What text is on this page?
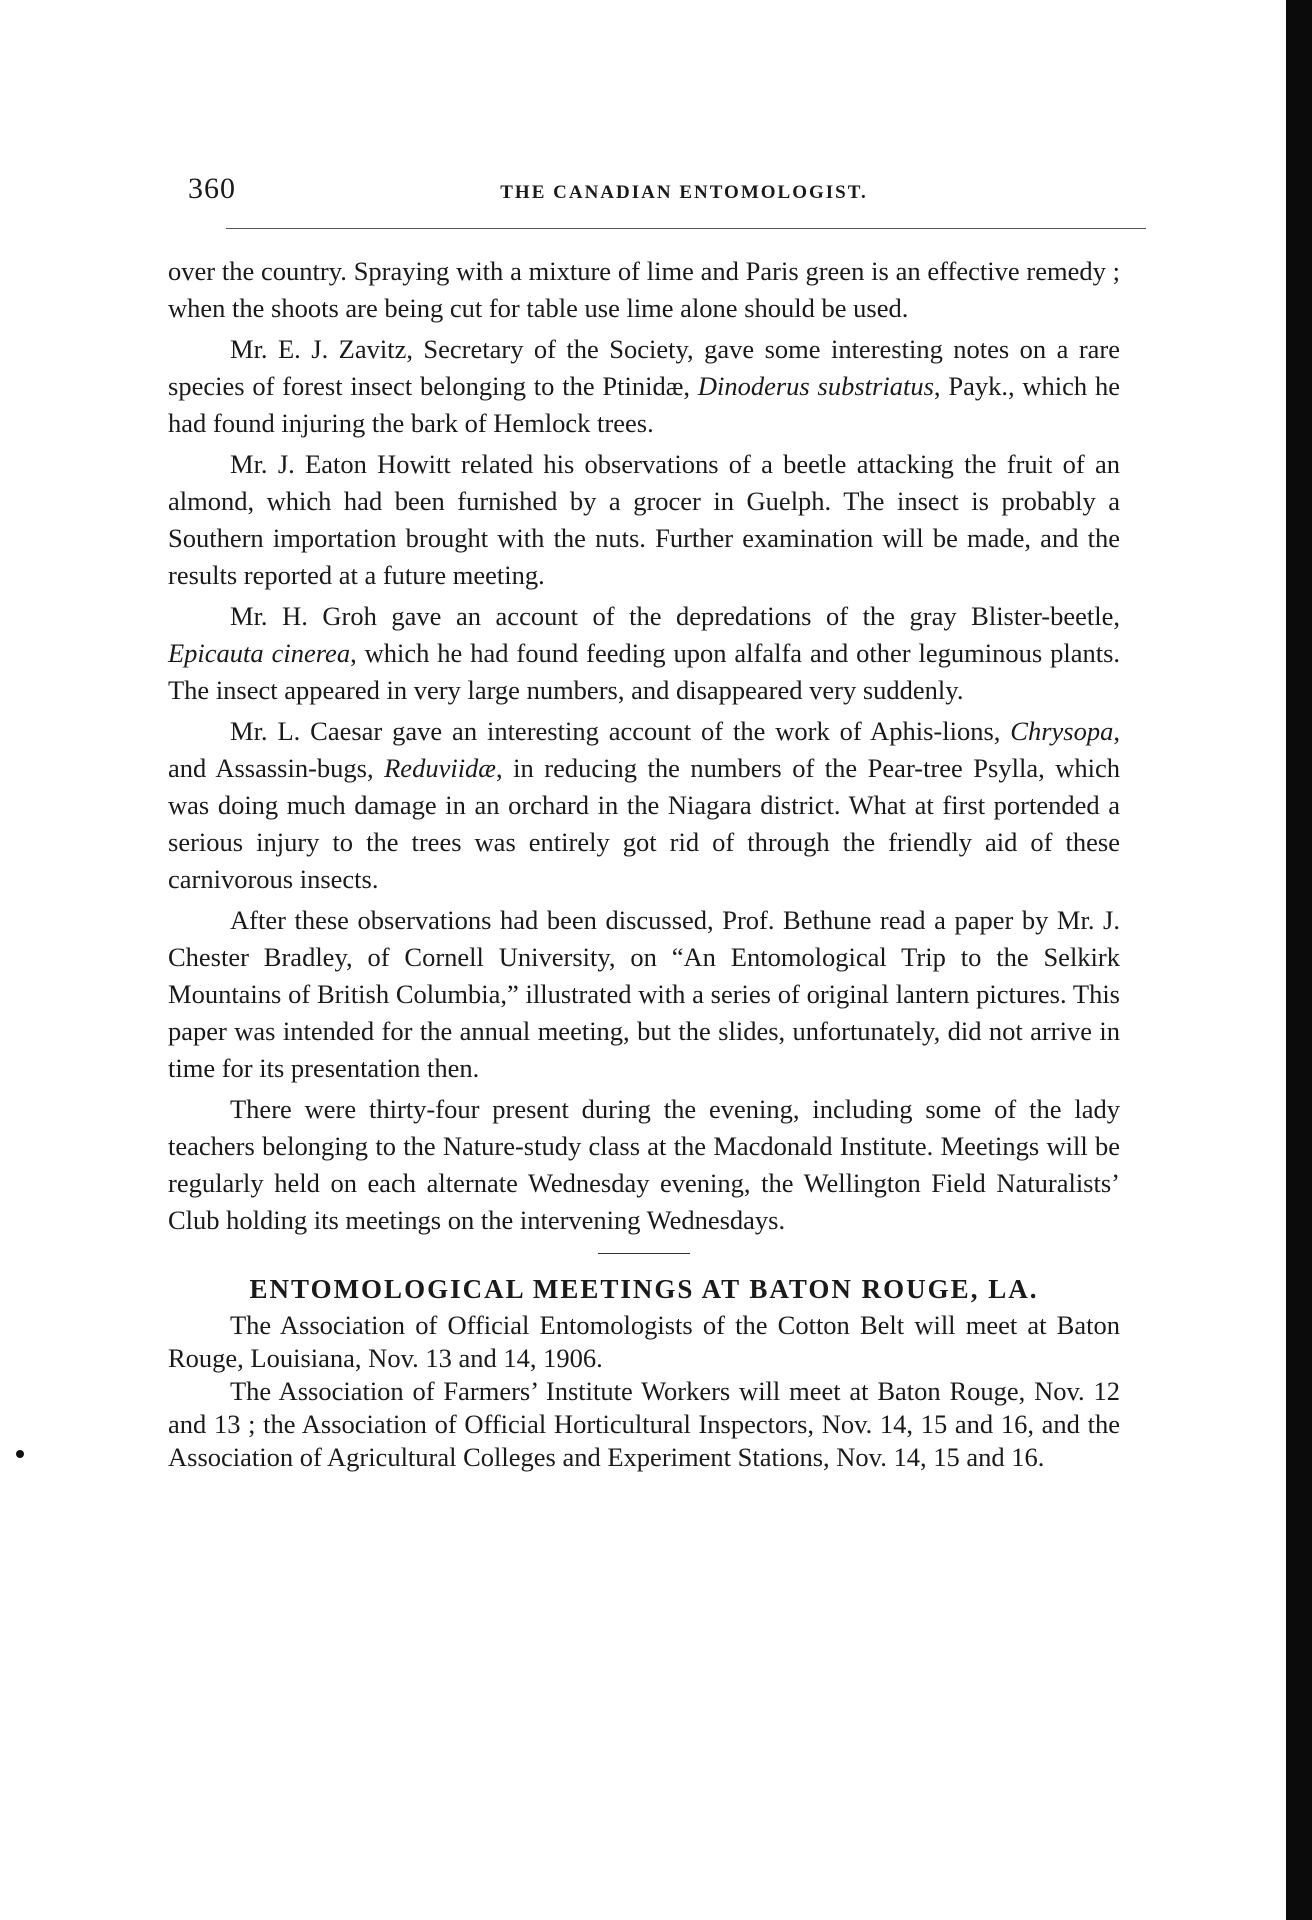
360	THE CANADIAN ENTOMOLOGIST.

over the country. Spraying with a mixture of lime and Paris green is an effective remedy ; when the shoots are being cut for table use lime alone should be used.

Mr. E. J. Zavitz, Secretary of the Society, gave some interesting notes on a rare species of forest insect belonging to the Ptinidæ, Dinoderus substriatus, Payk., which he had found injuring the bark of Hemlock trees.

Mr. J. Eaton Howitt related his observations of a beetle attacking the fruit of an almond, which had been furnished by a grocer in Guelph. The insect is probably a Southern importation brought with the nuts. Further examination will be made, and the results reported at a future meeting.

Mr. H. Groh gave an account of the depredations of the gray Blister-beetle, Epicauta cinerea, which he had found feeding upon alfalfa and other leguminous plants. The insect appeared in very large numbers, and disappeared very suddenly.

Mr. L. Caesar gave an interesting account of the work of Aphis-lions, Chrysopa, and Assassin-bugs, Reduviidæ, in reducing the numbers of the Pear-tree Psylla, which was doing much damage in an orchard in the Niagara district. What at first portended a serious injury to the trees was entirely got rid of through the friendly aid of these carnivorous insects.

After these observations had been discussed, Prof. Bethune read a paper by Mr. J. Chester Bradley, of Cornell University, on “An Entomological Trip to the Selkirk Mountains of British Columbia,” illustrated with a series of original lantern pictures. This paper was intended for the annual meeting, but the slides, unfortunately, did not arrive in time for its presentation then.

There were thirty-four present during the evening, including some of the lady teachers belonging to the Nature-study class at the Macdonald Institute. Meetings will be regularly held on each alternate Wednesday evening, the Wellington Field Naturalists’ Club holding its meetings on the intervening Wednesdays.

ENTOMOLOGICAL MEETINGS AT BATON ROUGE, LA.

The Association of Official Entomologists of the Cotton Belt will meet at Baton Rouge, Louisiana, Nov. 13 and 14, 1906.

The Association of Farmers’ Institute Workers will meet at Baton Rouge, Nov. 12 and 13 ; the Association of Official Horticultural Inspectors, Nov. 14, 15 and 16, and the Association of Agricultural Colleges and Experiment Stations, Nov. 14, 15 and 16.
